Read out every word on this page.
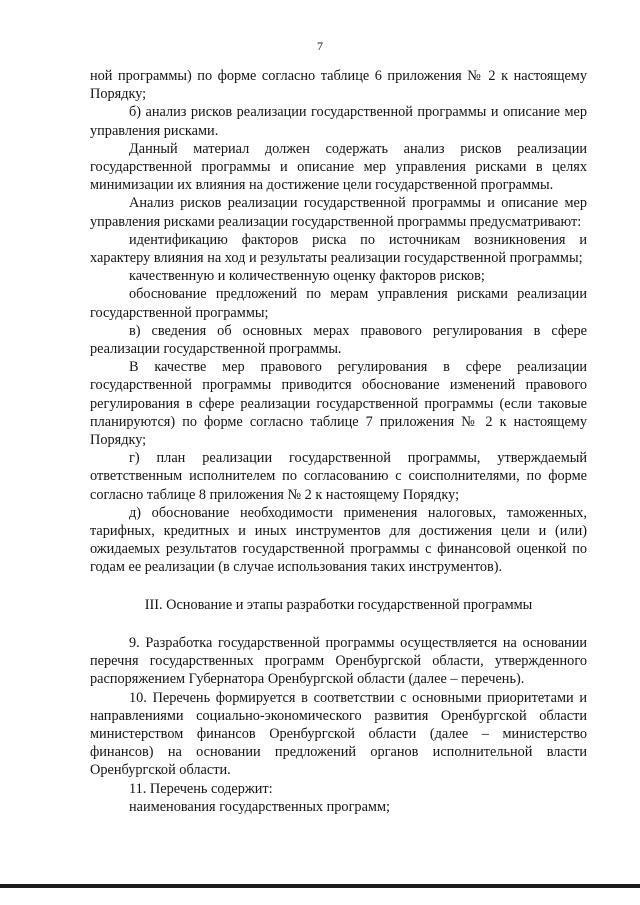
7

ной программы) по форме согласно таблице 6 приложения № 2 к настоящему Порядку;

б) анализ рисков реализации государственной программы и описание мер управления рисками.

Данный материал должен содержать анализ рисков реализации государственной программы и описание мер управления рисками в целях минимизации их влияния на достижение цели государственной программы.

Анализ рисков реализации государственной программы и описание мер управления рисками реализации государственной программы предусматривают:

идентификацию факторов риска по источникам возникновения и характеру влияния на ход и результаты реализации государственной программы;

качественную и количественную оценку факторов рисков;

обоснование предложений по мерам управления рисками реализации государственной программы;

в) сведения об основных мерах правового регулирования в сфере реализации государственной программы.

В качестве мер правового регулирования в сфере реализации государственной программы приводится обоснование изменений правового регулирования в сфере реализации государственной программы (если таковые планируются) по форме согласно таблице 7 приложения № 2 к настоящему Порядку;

г) план реализации государственной программы, утверждаемый ответственным исполнителем по согласованию с соисполнителями, по форме согласно таблице 8 приложения № 2 к настоящему Порядку;

д) обоснование необходимости применения налоговых, таможенных, тарифных, кредитных и иных инструментов для достижения цели и (или) ожидаемых результатов государственной программы с финансовой оценкой по годам ее реализации (в случае использования таких инструментов).

III. Основание и этапы разработки государственной программы

9. Разработка государственной программы осуществляется на основании перечня государственных программ Оренбургской области, утвержденного распоряжением Губернатора Оренбургской области (далее – перечень).

10. Перечень формируется в соответствии с основными приоритетами и направлениями социально-экономического развития Оренбургской области министерством финансов Оренбургской области (далее – министерство финансов) на основании предложений органов исполнительной власти Оренбургской области.

11. Перечень содержит:

наименования государственных программ;
